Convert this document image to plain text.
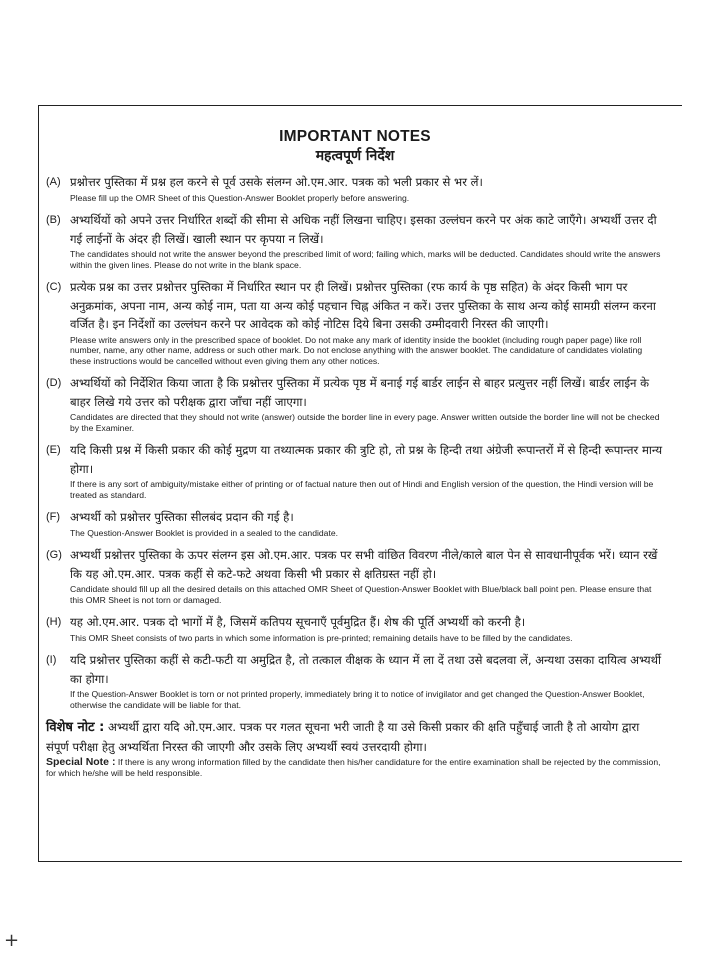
IMPORTANT NOTES
महत्वपूर्ण निर्देश
(A) प्रश्नोत्तर पुस्तिका में प्रश्न हल करने से पूर्व उसके संलग्न ओ.एम.आर. पत्रक को भली प्रकार से भर लें।

Please fill up the OMR Sheet of this Question-Answer Booklet properly before answering.

(B) अभ्यर्थियों को अपने उत्तर निर्धारित शब्दों की सीमा से अधिक नहीं लिखना चाहिए। इसका उल्लंघन करने पर अंक काटे जाएँगे। अभ्यर्थी उत्तर दी गई लाईनों के अंदर ही लिखें। खाली स्थान पर कृपया न लिखें।

The candidates should not write the answer beyond the prescribed limit of word; failing which, marks will be deducted. Candidates should write the answers within the given lines. Please do not write in the blank space.

(C) प्रत्येक प्रश्न का उत्तर प्रश्नोत्तर पुस्तिका में निर्धारित स्थान पर ही लिखें। प्रश्नोत्तर पुस्तिका (रफ कार्य के पृष्ठ सहित) के अंदर किसी भाग पर अनुक्रमांक, अपना नाम, अन्य कोई नाम, पता या अन्य कोई पहचान चिह्न अंकित न करें। उत्तर पुस्तिका के साथ अन्य कोई सामग्री संलग्न करना वर्जित है। इन निर्देशों का उल्लंघन करने पर आवेदक को कोई नोटिस दिये बिना उसकी उम्मीदवारी निरस्त की जाएगी।

Please write answers only in the prescribed space of booklet. Do not make any mark of identity inside the booklet (including rough paper page) like roll number, name, any other name, address or such other mark. Do not enclose anything with the answer booklet. The candidature of candidates violating these instructions would be cancelled without even giving them any other notices.

(D) अभ्यर्थियों को निर्देशित किया जाता है कि प्रश्नोत्तर पुस्तिका में प्रत्येक पृष्ठ में बनाई गई बार्डर लाईन से बाहर प्रत्युत्तर नहीं लिखें। बार्डर लाईन के बाहर लिखे गये उत्तर को परीक्षक द्वारा जाँचा नहीं जाएगा।

Candidates are directed that they should not write (answer) outside the border line in every page. Answer written outside the border line will not be checked by the Examiner.

(E) यदि किसी प्रश्न में किसी प्रकार की कोई मुद्रण या तथ्यात्मक प्रकार की त्रुटि हो, तो प्रश्न के हिन्दी तथा अंग्रेजी रूपान्तरों में से हिन्दी रूपान्तर मान्य होगा।

If there is any sort of ambiguity/mistake either of printing or of factual nature then out of Hindi and English version of the question, the Hindi version will be treated as standard.

(F) अभ्यर्थी को प्रश्नोत्तर पुस्तिका सीलबंद प्रदान की गई है।

The Question-Answer Booklet is provided in a sealed to the candidate.

(G) अभ्यर्थी प्रश्नोत्तर पुस्तिका के ऊपर संलग्न इस ओ.एम.आर. पत्रक पर सभी वांछित विवरण नीले/काले बाल पेन से सावधानीपूर्वक भरें। ध्यान रखें कि यह ओ.एम.आर. पत्रक कहीं से कटे-फटे अथवा किसी भी प्रकार से क्षतिग्रस्त नहीं हो।

Candidate should fill up all the desired details on this attached OMR Sheet of Question-Answer Booklet with Blue/black ball point pen. Please ensure that this OMR Sheet is not torn or damaged.

(H) यह ओ.एम.आर. पत्रक दो भागों में है, जिसमें कतिपय सूचनाएँ पूर्वमुद्रित हैं। शेष की पूर्ति अभ्यर्थी को करनी है।

This OMR Sheet consists of two parts in which some information is pre-printed; remaining details have to be filled by the candidates.

(I)	यदि प्रश्नोत्तर पुस्तिका कहीं से कटी-फटी या अमुद्रित है, तो तत्काल वीक्षक के ध्यान में ला दें तथा उसे बदलवा लें, अन्यथा उसका दायित्व अभ्यर्थी का होगा।

If the Question-Answer Booklet is torn or not printed properly, immediately bring it to notice of invigilator and get changed the Question-Answer Booklet, otherwise the candidate will be liable for that.

विशेष नोट : अभ्यर्थी द्वारा यदि ओ.एम.आर. पत्रक पर गलत सूचना भरी जाती है या उसे किसी प्रकार की क्षति पहुँचाई जाती है तो आयोग द्वारा संपूर्ण परीक्षा हेतु अभ्यर्थिता निरस्त की जाएगी और उसके लिए अभ्यर्थी स्वयं उत्तरदायी होगा।

Special Note : If there is any wrong information filled by the candidate then his/her candidature for the entire examination shall be rejected by the commission, for which he/she will be held responsible.

+
